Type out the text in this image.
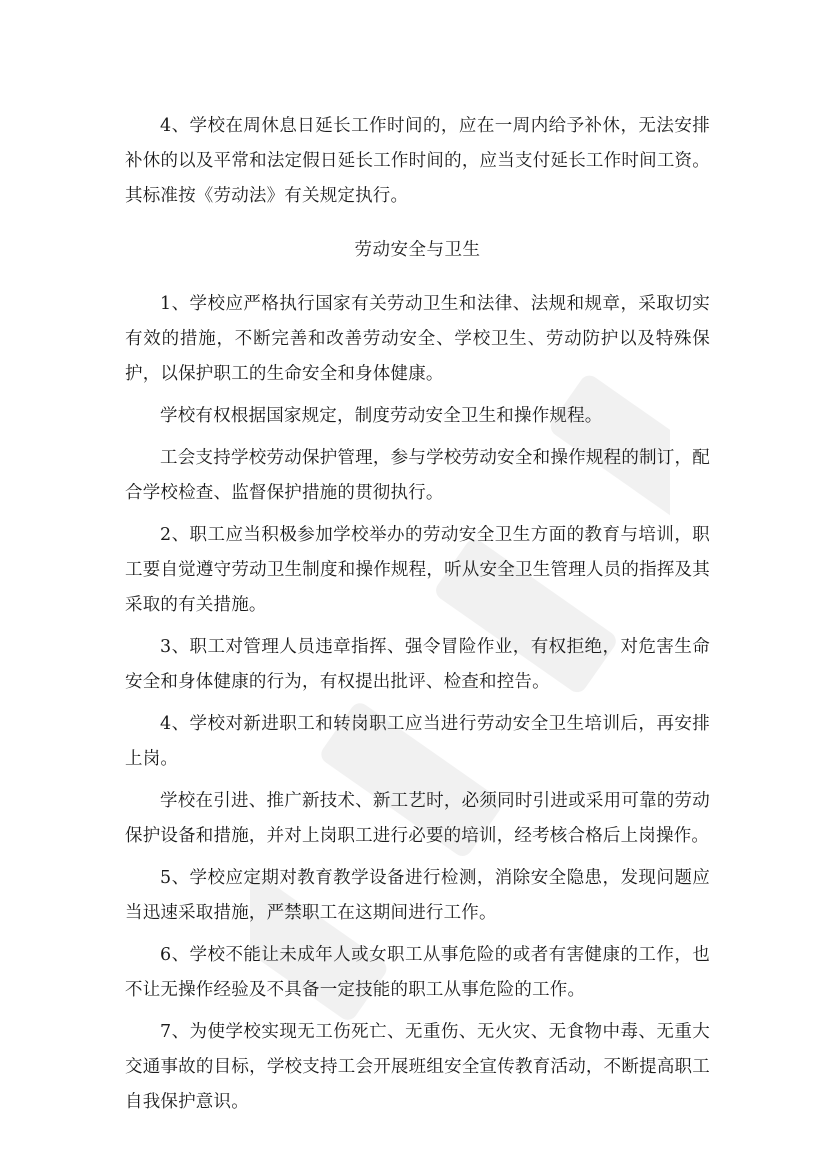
4、学校在周休息日延长工作时间的，应在一周内给予补休，无法安排补休的以及平常和法定假日延长工作时间的，应当支付延长工作时间工资。其标准按《劳动法》有关规定执行。

劳动安全与卫生

1、学校应严格执行国家有关劳动卫生和法律、法规和规章，采取切实有效的措施，不断完善和改善劳动安全、学校卫生、劳动防护以及特殊保护，以保护职工的生命安全和身体健康。

学校有权根据国家规定，制度劳动安全卫生和操作规程。

工会支持学校劳动保护管理，参与学校劳动安全和操作规程的制订，配合学校检查、监督保护措施的贯彻执行。

2、职工应当积极参加学校举办的劳动安全卫生方面的教育与培训，职工要自觉遵守劳动卫生制度和操作规程，听从安全卫生管理人员的指挥及其采取的有关措施。

3、职工对管理人员违章指挥、强令冒险作业，有权拒绝，对危害生命安全和身体健康的行为，有权提出批评、检查和控告。

4、学校对新进职工和转岗职工应当进行劳动安全卫生培训后，再安排上岗。

学校在引进、推广新技术、新工艺时，必须同时引进或采用可靠的劳动保护设备和措施，并对上岗职工进行必要的培训，经考核合格后上岗操作。

5、学校应定期对教育教学设备进行检测，消除安全隐患，发现问题应当迅速采取措施，严禁职工在这期间进行工作。

6、学校不能让未成年人或女职工从事危险的或者有害健康的工作，也不让无操作经验及不具备一定技能的职工从事危险的工作。

7、为使学校实现无工伤死亡、无重伤、无火灾、无食物中毒、无重大交通事故的目标，学校支持工会开展班组安全宣传教育活动，不断提高职工自我保护意识。
